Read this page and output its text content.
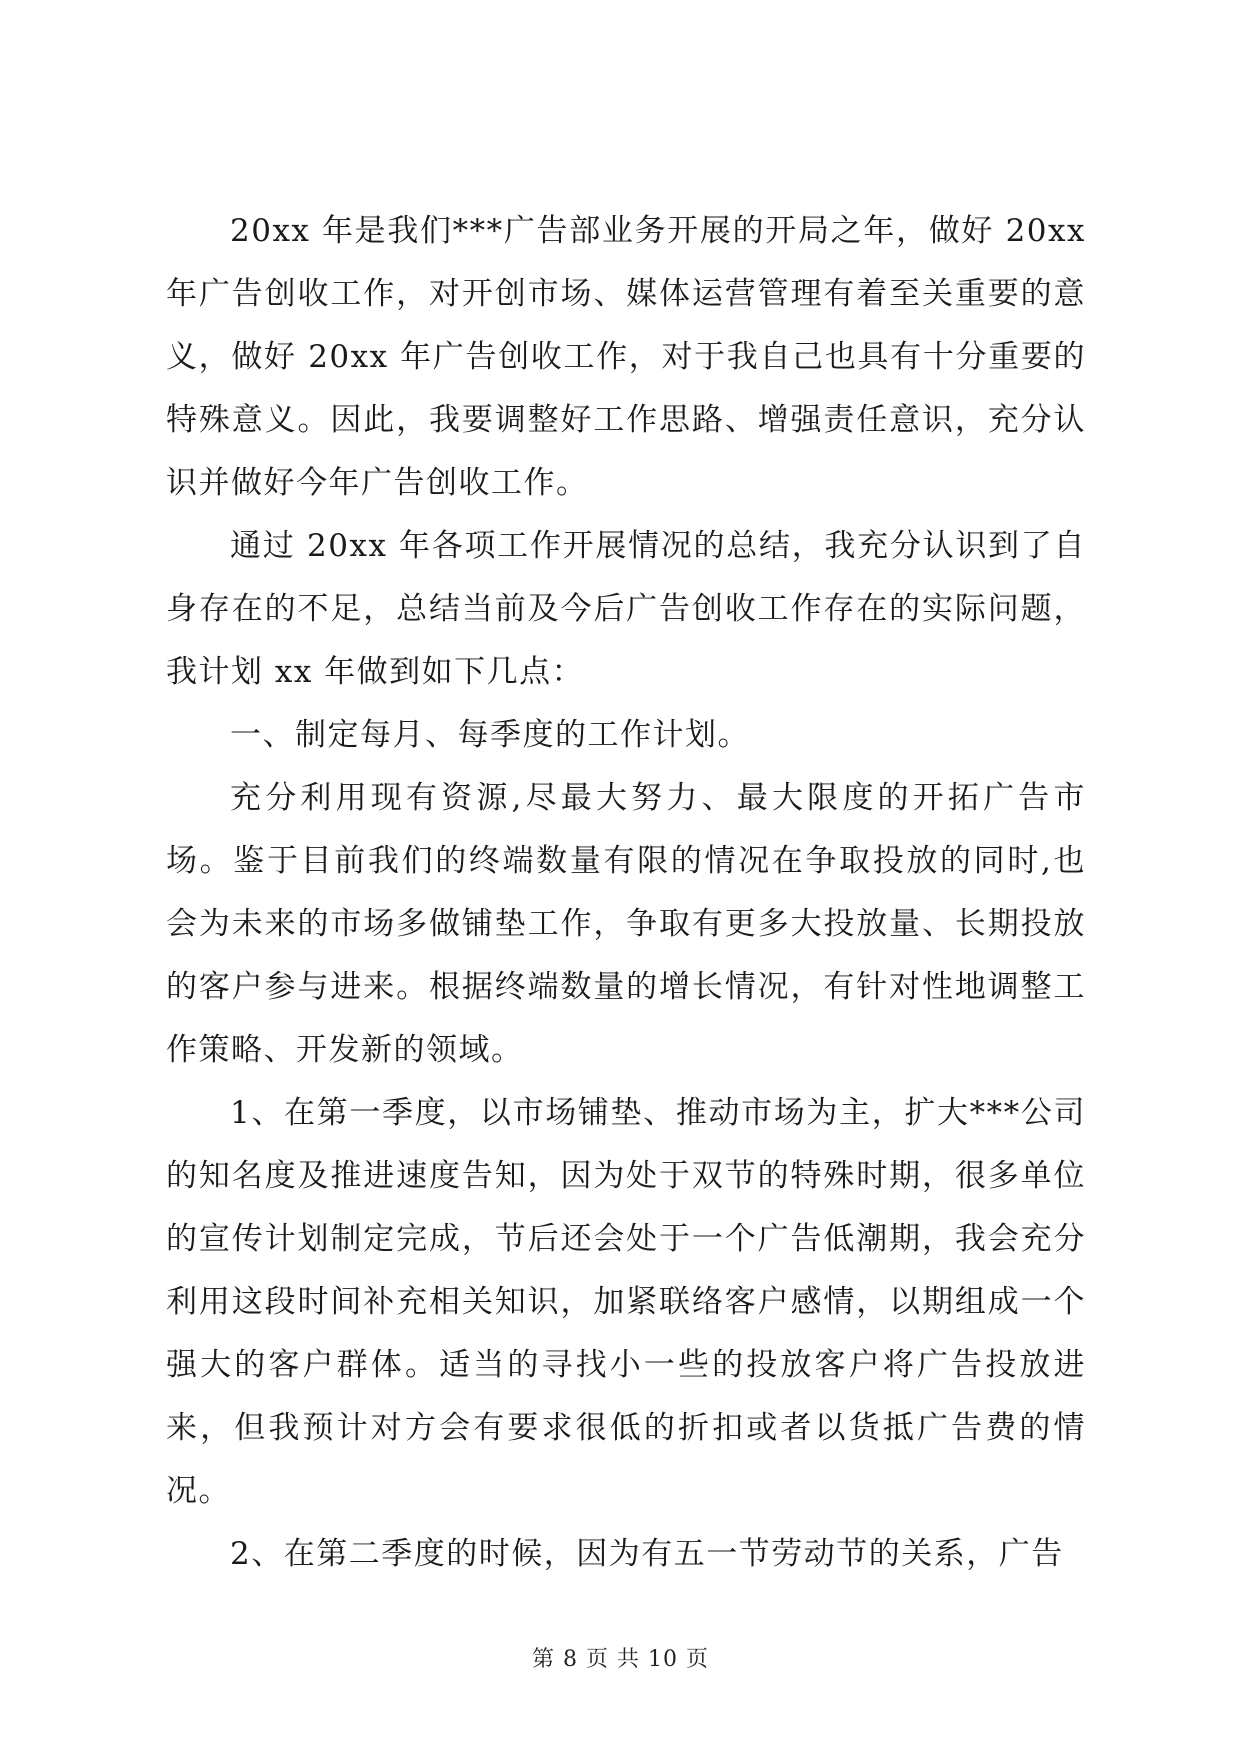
20xx 年是我们***广告部业务开展的开局之年，做好 20xx 年广告创收工作，对开创市场、媒体运营管理有着至关重要的意义，做好 20xx 年广告创收工作，对于我自己也具有十分重要的特殊意义。因此，我要调整好工作思路、增强责任意识，充分认识并做好今年广告创收工作。

通过 20xx 年各项工作开展情况的总结，我充分认识到了自身存在的不足，总结当前及今后广告创收工作存在的实际问题，我计划 xx 年做到如下几点：

一、制定每月、每季度的工作计划。

充分利用现有资源,尽最大努力、最大限度的开拓广告市场。鉴于目前我们的终端数量有限的情况在争取投放的同时,也会为未来的市场多做铺垫工作，争取有更多大投放量、长期投放的客户参与进来。根据终端数量的增长情况，有针对性地调整工作策略、开发新的领域。

1、在第一季度，以市场铺垫、推动市场为主，扩大***公司的知名度及推进速度告知，因为处于双节的特殊时期，很多单位的宣传计划制定完成，节后还会处于一个广告低潮期，我会充分利用这段时间补充相关知识，加紧联络客户感情，以期组成一个强大的客户群体。适当的寻找小一些的投放客户将广告投放进来，但我预计对方会有要求很低的折扣或者以货抵广告费的情况。

2、在第二季度的时候，因为有五一节劳动节的关系，广告

第 8 页 共 10 页
